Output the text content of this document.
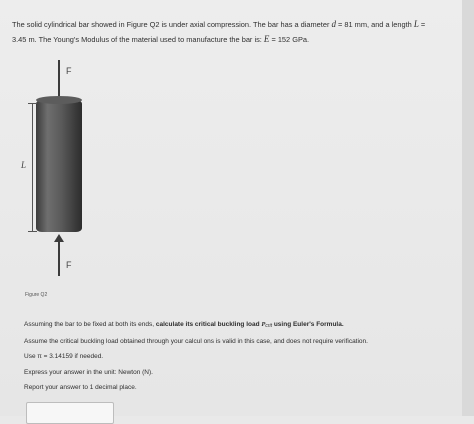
The solid cylindrical bar showed in Figure Q2 is under axial compression. The bar has a diameter d = 81 mm, and a length L =
3.45 m. The Young's Modulus of the material used to manufacture the bar is: E = 152 GPa.
F
L
F
Figure Q2

Assuming the bar to be fixed at both its ends, calculate its critical buckling load $P_{crit}$ using Euler's Formula.

Assume the critical buckling load obtained through your calcul ons is valid in this case, and does not require verification.

Use π = 3.14159 if needed.

Express your answer in the unit: Newton (N).

Report your answer to 1 decimal place.
